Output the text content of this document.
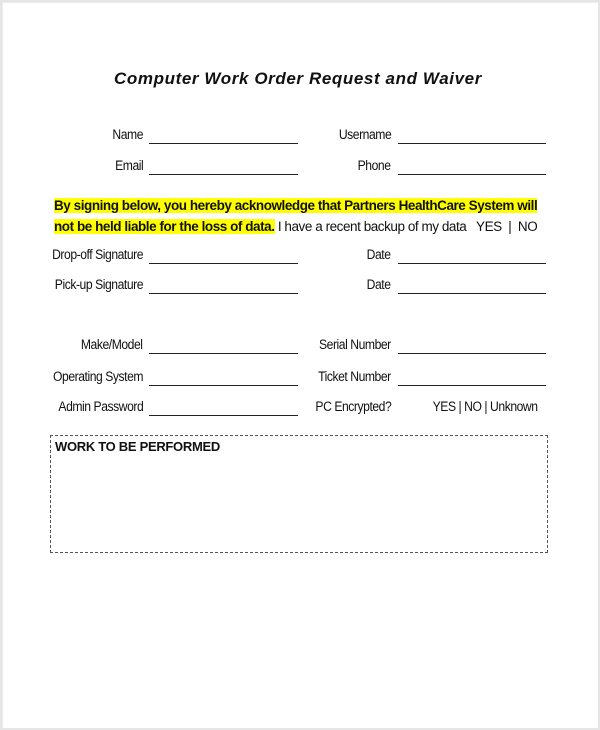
Computer Work Order Request and Waiver
Name	Username
Email	Phone
By signing below, you hereby acknowledge that Partners HealthCare System will not be held liable for the loss of data. I have a recent backup of my data   YES  |  NO
Drop-off Signature	Date
Pick-up Signature	Date
Make/Model	Serial Number
Operating System	Ticket Number
Admin Password	PC Encrypted?	YES | NO | Unknown
WORK TO BE PERFORMED
